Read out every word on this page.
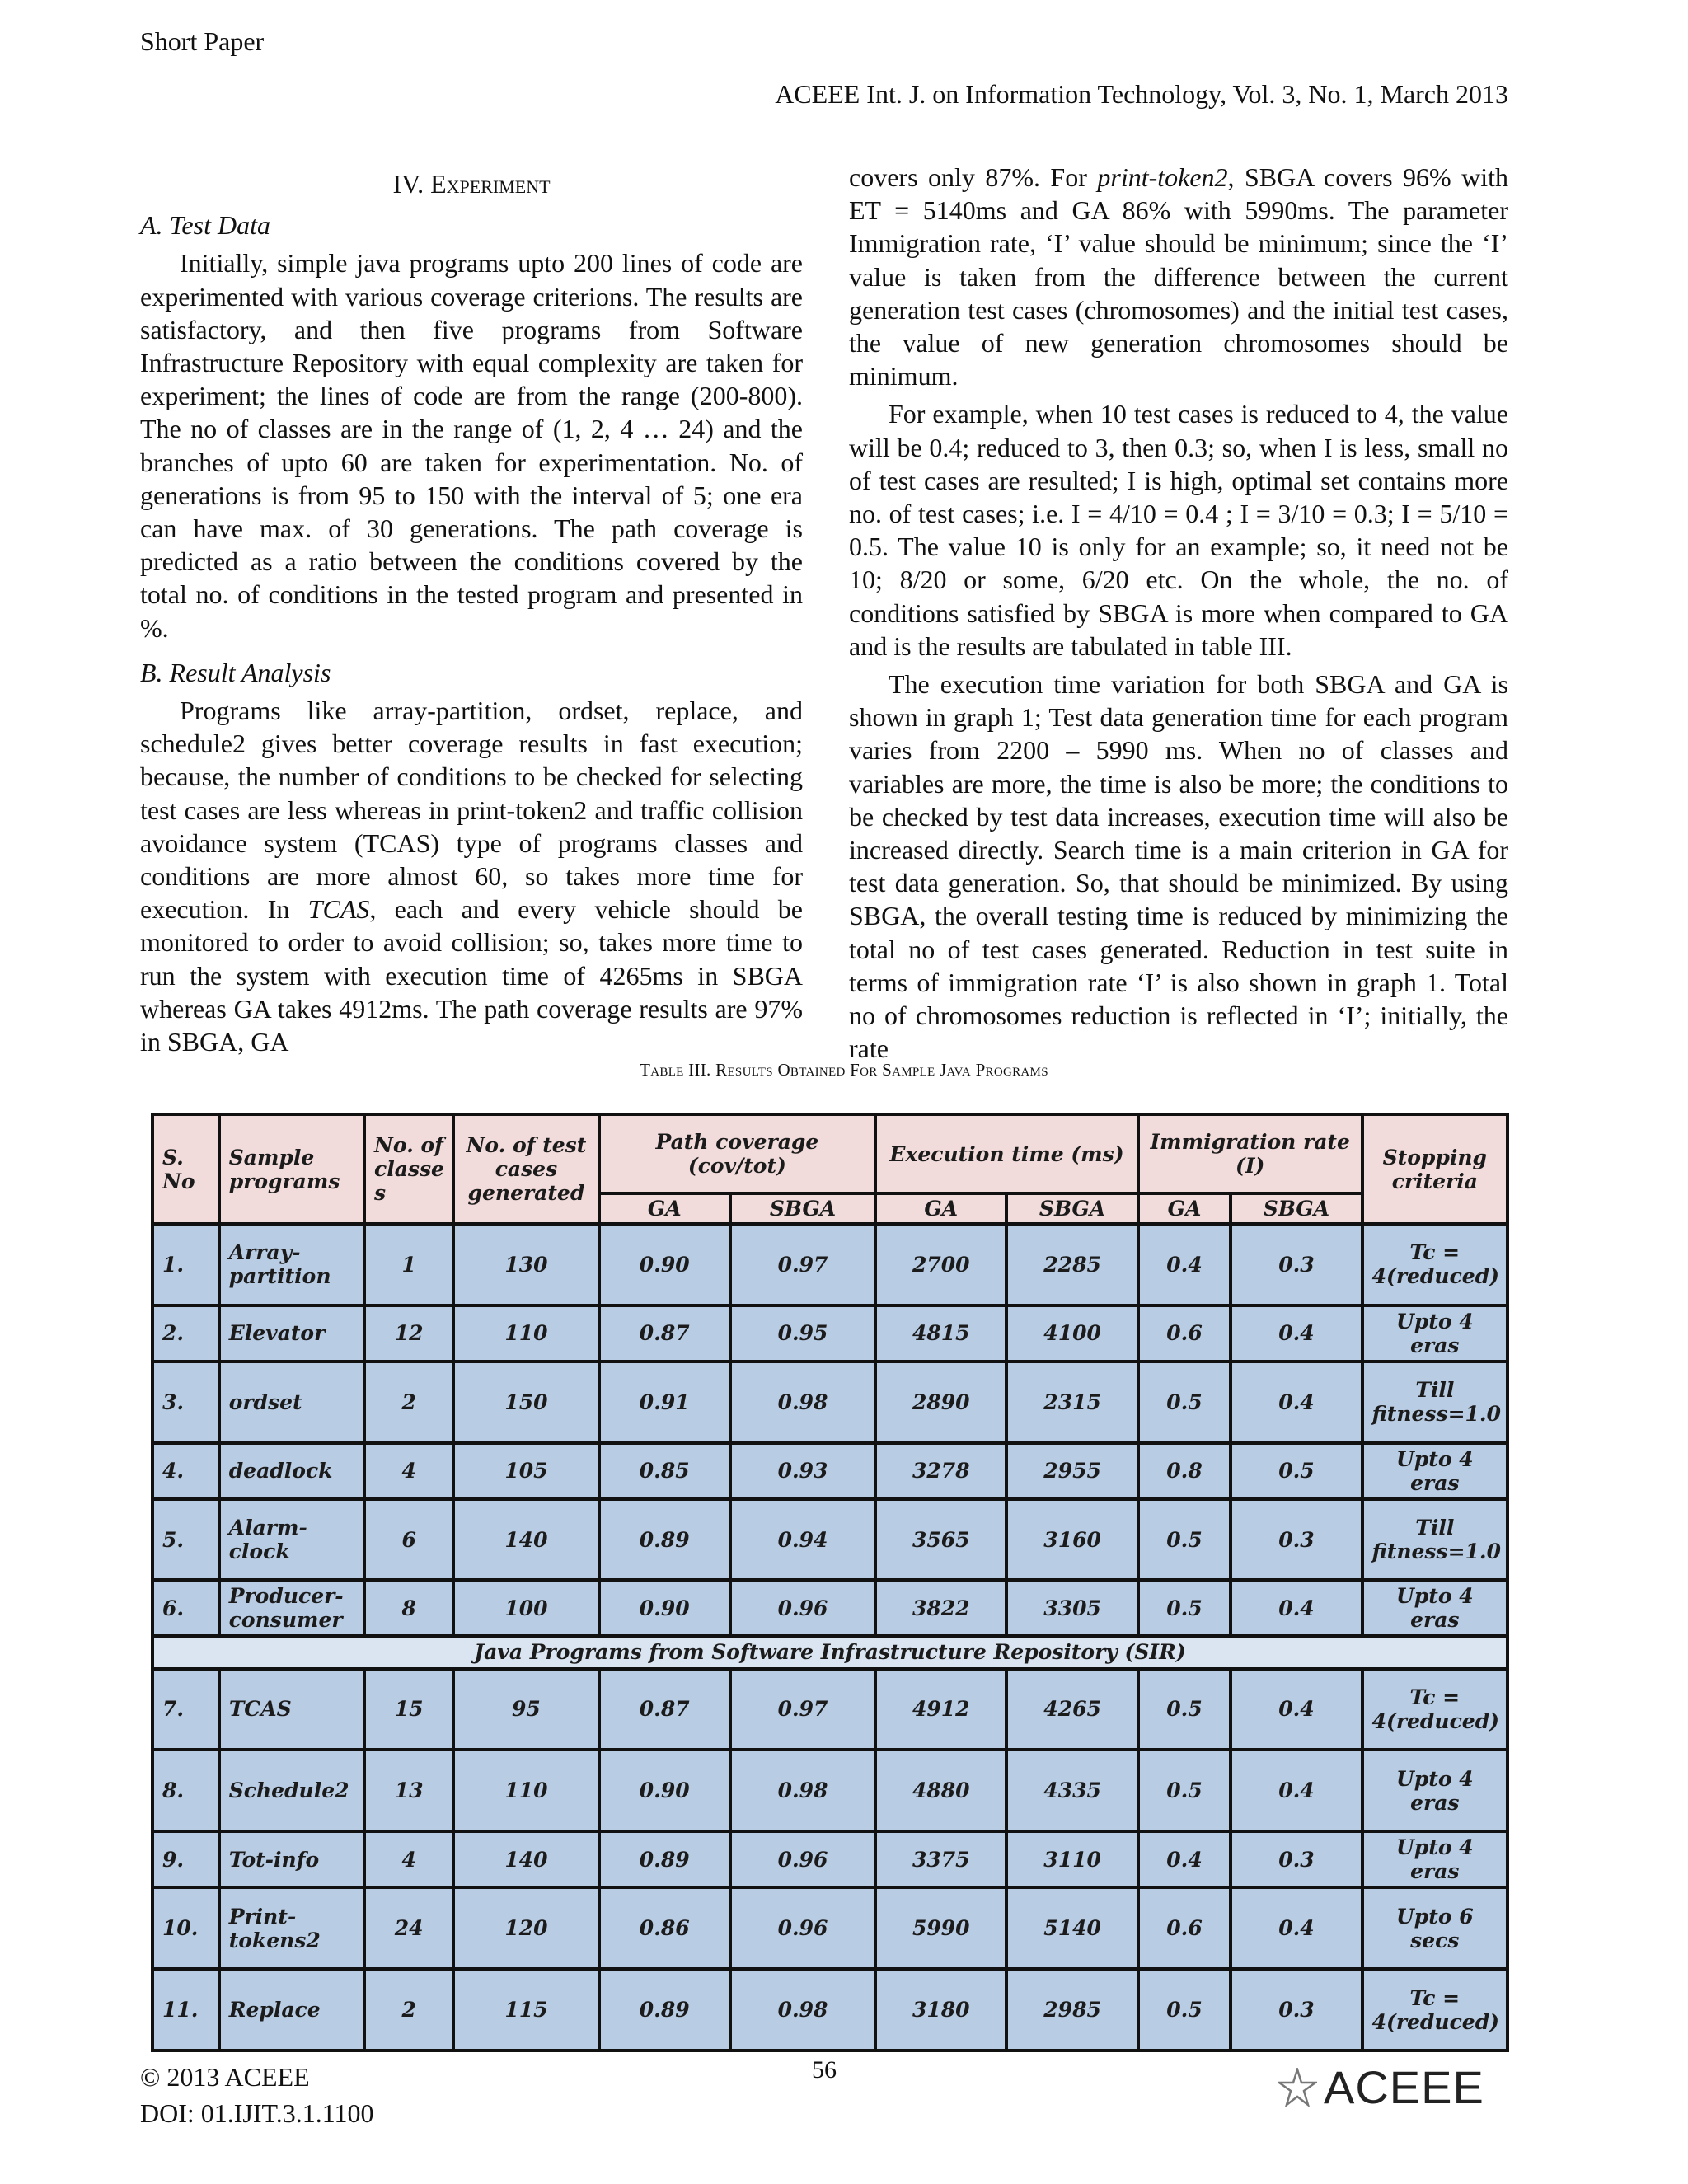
Short Paper
ACEEE Int. J. on Information Technology, Vol. 3, No. 1, March 2013
IV. Experiment
A. Test Data

Initially, simple java programs upto 200 lines of code are experimented with various coverage criterions. The results are satisfactory, and then five programs from Software Infrastructure Repository with equal complexity are taken for experiment; the lines of code are from the range (200-800). The no of classes are in the range of (1, 2, 4 … 24) and the branches of upto 60 are taken for experimentation. No. of generations is from 95 to 150 with the interval of 5; one era can have max. of 30 generations. The path coverage is predicted as a ratio between the conditions covered by the total no. of conditions in the tested program and presented in %.

B. Result Analysis

Programs like array-partition, ordset, replace, and schedule2 gives better coverage results in fast execution; because, the number of conditions to be checked for selecting test cases are less whereas in print-token2 and traffic collision avoidance system (TCAS) type of programs classes and conditions are more almost 60, so takes more time for execution. In TCAS, each and every vehicle should be monitored to order to avoid collision; so, takes more time to run the system with execution time of 4265ms in SBGA whereas GA takes 4912ms. The path coverage results are 97% in SBGA, GA

covers only 87%. For print-token2, SBGA covers 96% with ET = 5140ms and GA 86% with 5990ms. The parameter Immigration rate, ‘I’ value should be minimum; since the ‘I’ value is taken from the difference between the current generation test cases (chromosomes) and the initial test cases, the value of new generation chromosomes should be minimum.

For example, when 10 test cases is reduced to 4, the value will be 0.4; reduced to 3, then 0.3; so, when I is less, small no of test cases are resulted; I is high, optimal set contains more no. of test cases; i.e. I = 4/10 = 0.4 ; I = 3/10 = 0.3; I = 5/10 = 0.5. The value 10 is only for an example; so, it need not be 10; 8/20 or some, 6/20 etc. On the whole, the no. of conditions satisfied by SBGA is more when compared to GA and is the results are tabulated in table III.

The execution time variation for both SBGA and GA is shown in graph 1; Test data generation time for each program varies from 2200 – 5990 ms. When no of classes and variables are more, the time is also be more; the conditions to be checked by test data increases, execution time will also be increased directly. Search time is a main criterion in GA for test data generation. So, that should be minimized. By using SBGA, the overall testing time is reduced by minimizing the total no of test cases generated. Reduction in test suite in terms of immigration rate ‘I’ is also shown in graph 1. Total no of chromosomes reduction is reflected in ‘I’; initially, the rate

Table III. Results Obtained For Sample Java Programs
S. No	Sample programs	No. of classe s	No. of test cases generated	Path coverage (cov/tot)		Execution time (ms)		Immigration rate (I)		Stopping criteria
				GA	SBGA	GA	SBGA	GA	SBGA	
1.	Array-partition	1	130	0.90	0.97	2700	2285	0.4	0.3	Tc = 4(reduced)
2.	Elevator	12	110	0.87	0.95	4815	4100	0.6	0.4	Upto 4 eras
3.	ordset	2	150	0.91	0.98	2890	2315	0.5	0.4	Till fitness=1.0
4.	deadlock	4	105	0.85	0.93	3278	2955	0.8	0.5	Upto 4 eras
5.	Alarm-clock	6	140	0.89	0.94	3565	3160	0.5	0.3	Till fitness=1.0
6.	Producer-consumer	8	100	0.90	0.96	3822	3305	0.5	0.4	Upto 4 eras
Java Programs from Software Infrastructure Repository (SIR)										
7.	TCAS	15	95	0.87	0.97	4912	4265	0.5	0.4	Tc = 4(reduced)
8.	Schedule2	13	110	0.90	0.98	4880	4335	0.5	0.4	Upto 4 eras
9.	Tot-info	4	140	0.89	0.96	3375	3110	0.4	0.3	Upto 4 eras
10.	Print-tokens2	24	120	0.86	0.96	5990	5140	0.6	0.4	Upto 6 secs
11.	Replace	2	115	0.89	0.98	3180	2985	0.5	0.3	Tc = 4(reduced)
© 2013 ACEEE
DOI: 01.IJIT.3.1.1100
56	ACEEE
